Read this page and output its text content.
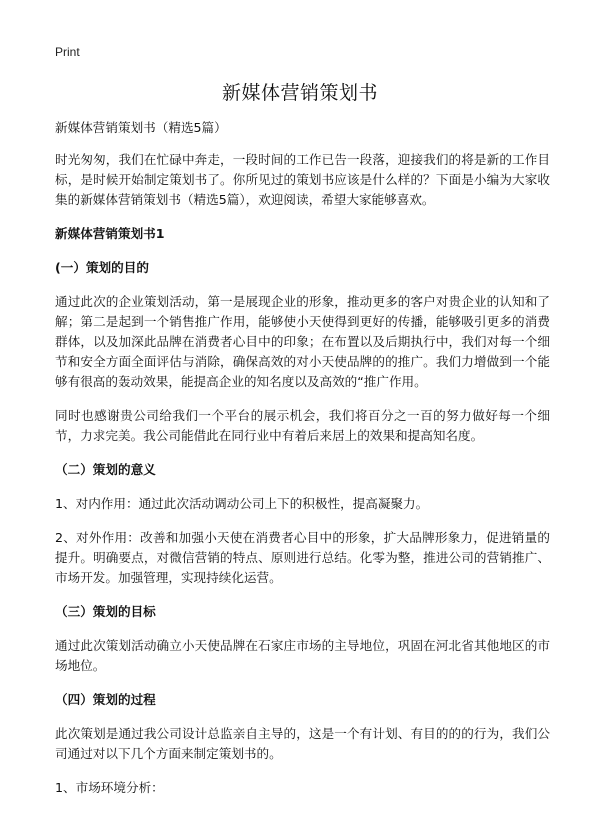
Print
新媒体营销策划书

新媒体营销策划书（精选5篇）

时光匆匆，我们在忙碌中奔走，一段时间的工作已告一段落，迎接我们的将是新的工作目标，是时候开始制定策划书了。你所见过的策划书应该是什么样的？下面是小编为大家收集的新媒体营销策划书（精选5篇），欢迎阅读，希望大家能够喜欢。

新媒体营销策划书1

(一）策划的目的

通过此次的企业策划活动，第一是展现企业的形象，推动更多的客户对贵企业的认知和了解；第二是起到一个销售推广作用，能够使小天使得到更好的传播，能够吸引更多的消费群体，以及加深此品牌在消费者心目中的印象；在布置以及后期执行中，我们对每一个细节和安全方面全面评估与消除，确保高效的对小天使品牌的的推广。我们力增做到一个能够有很高的轰动效果，能提高企业的知名度以及高效的“推广作用。

同时也感谢贵公司给我们一个平台的展示机会，我们将百分之一百的努力做好每一个细节，力求完美。我公司能借此在同行业中有着后来居上的效果和提高知名度。

（二）策划的意义

1、对内作用：通过此次活动调动公司上下的积极性，提高凝聚力。

2、对外作用：改善和加强小天使在消费者心目中的形象，扩大品牌形象力，促进销量的提升。明确要点，对微信营销的特点、原则进行总结。化零为整，推进公司的营销推广、市场开发。加强管理，实现持续化运营。

（三）策划的目标

通过此次策划活动确立小天使品牌在石家庄市场的主导地位，巩固在河北省其他地区的市场地位。

（四）策划的过程

此次策划是通过我公司设计总监亲自主导的，这是一个有计划、有目的的的行为，我们公司通过对以下几个方面来制定策划书的。

1、市场环境分析：
